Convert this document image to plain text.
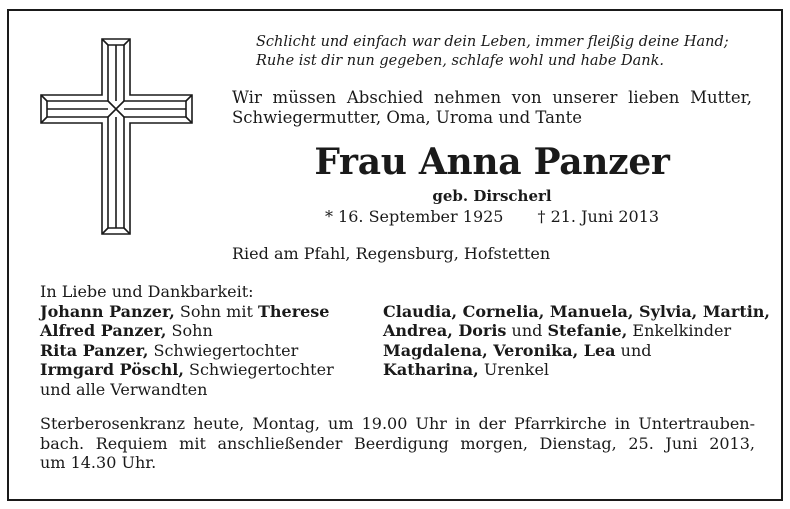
Schlicht und einfach war dein Leben, immer fleißig deine Hand;
Ruhe ist dir nun gegeben, schlafe wohl und habe Dank.
Wir müssen Abschied nehmen von unserer lieben Mutter,
Schwiegermutter, Oma, Uroma und Tante
Frau Anna Panzer
geb. Dirscherl
* 16. September 1925 † 21. Juni 2013
Ried am Pfahl, Regensburg, Hofstetten
In Liebe und Dankbarkeit:
Johann Panzer, Sohn mit Therese
Alfred Panzer, Sohn
Rita Panzer, Schwiegertochter
Irmgard Pöschl, Schwiegertochter
und alle Verwandten
Claudia, Cornelia, Manuela, Sylvia, Martin,
Andrea, Doris und Stefanie, Enkelkinder
Magdalena, Veronika, Lea und
Katharina, Urenkel
Sterberosenkranz heute, Montag, um 19.00 Uhr in der Pfarrkirche in Untertrauben-
bach. Requiem mit anschließender Beerdigung morgen, Dienstag, 25. Juni 2013,
um 14.30 Uhr.
